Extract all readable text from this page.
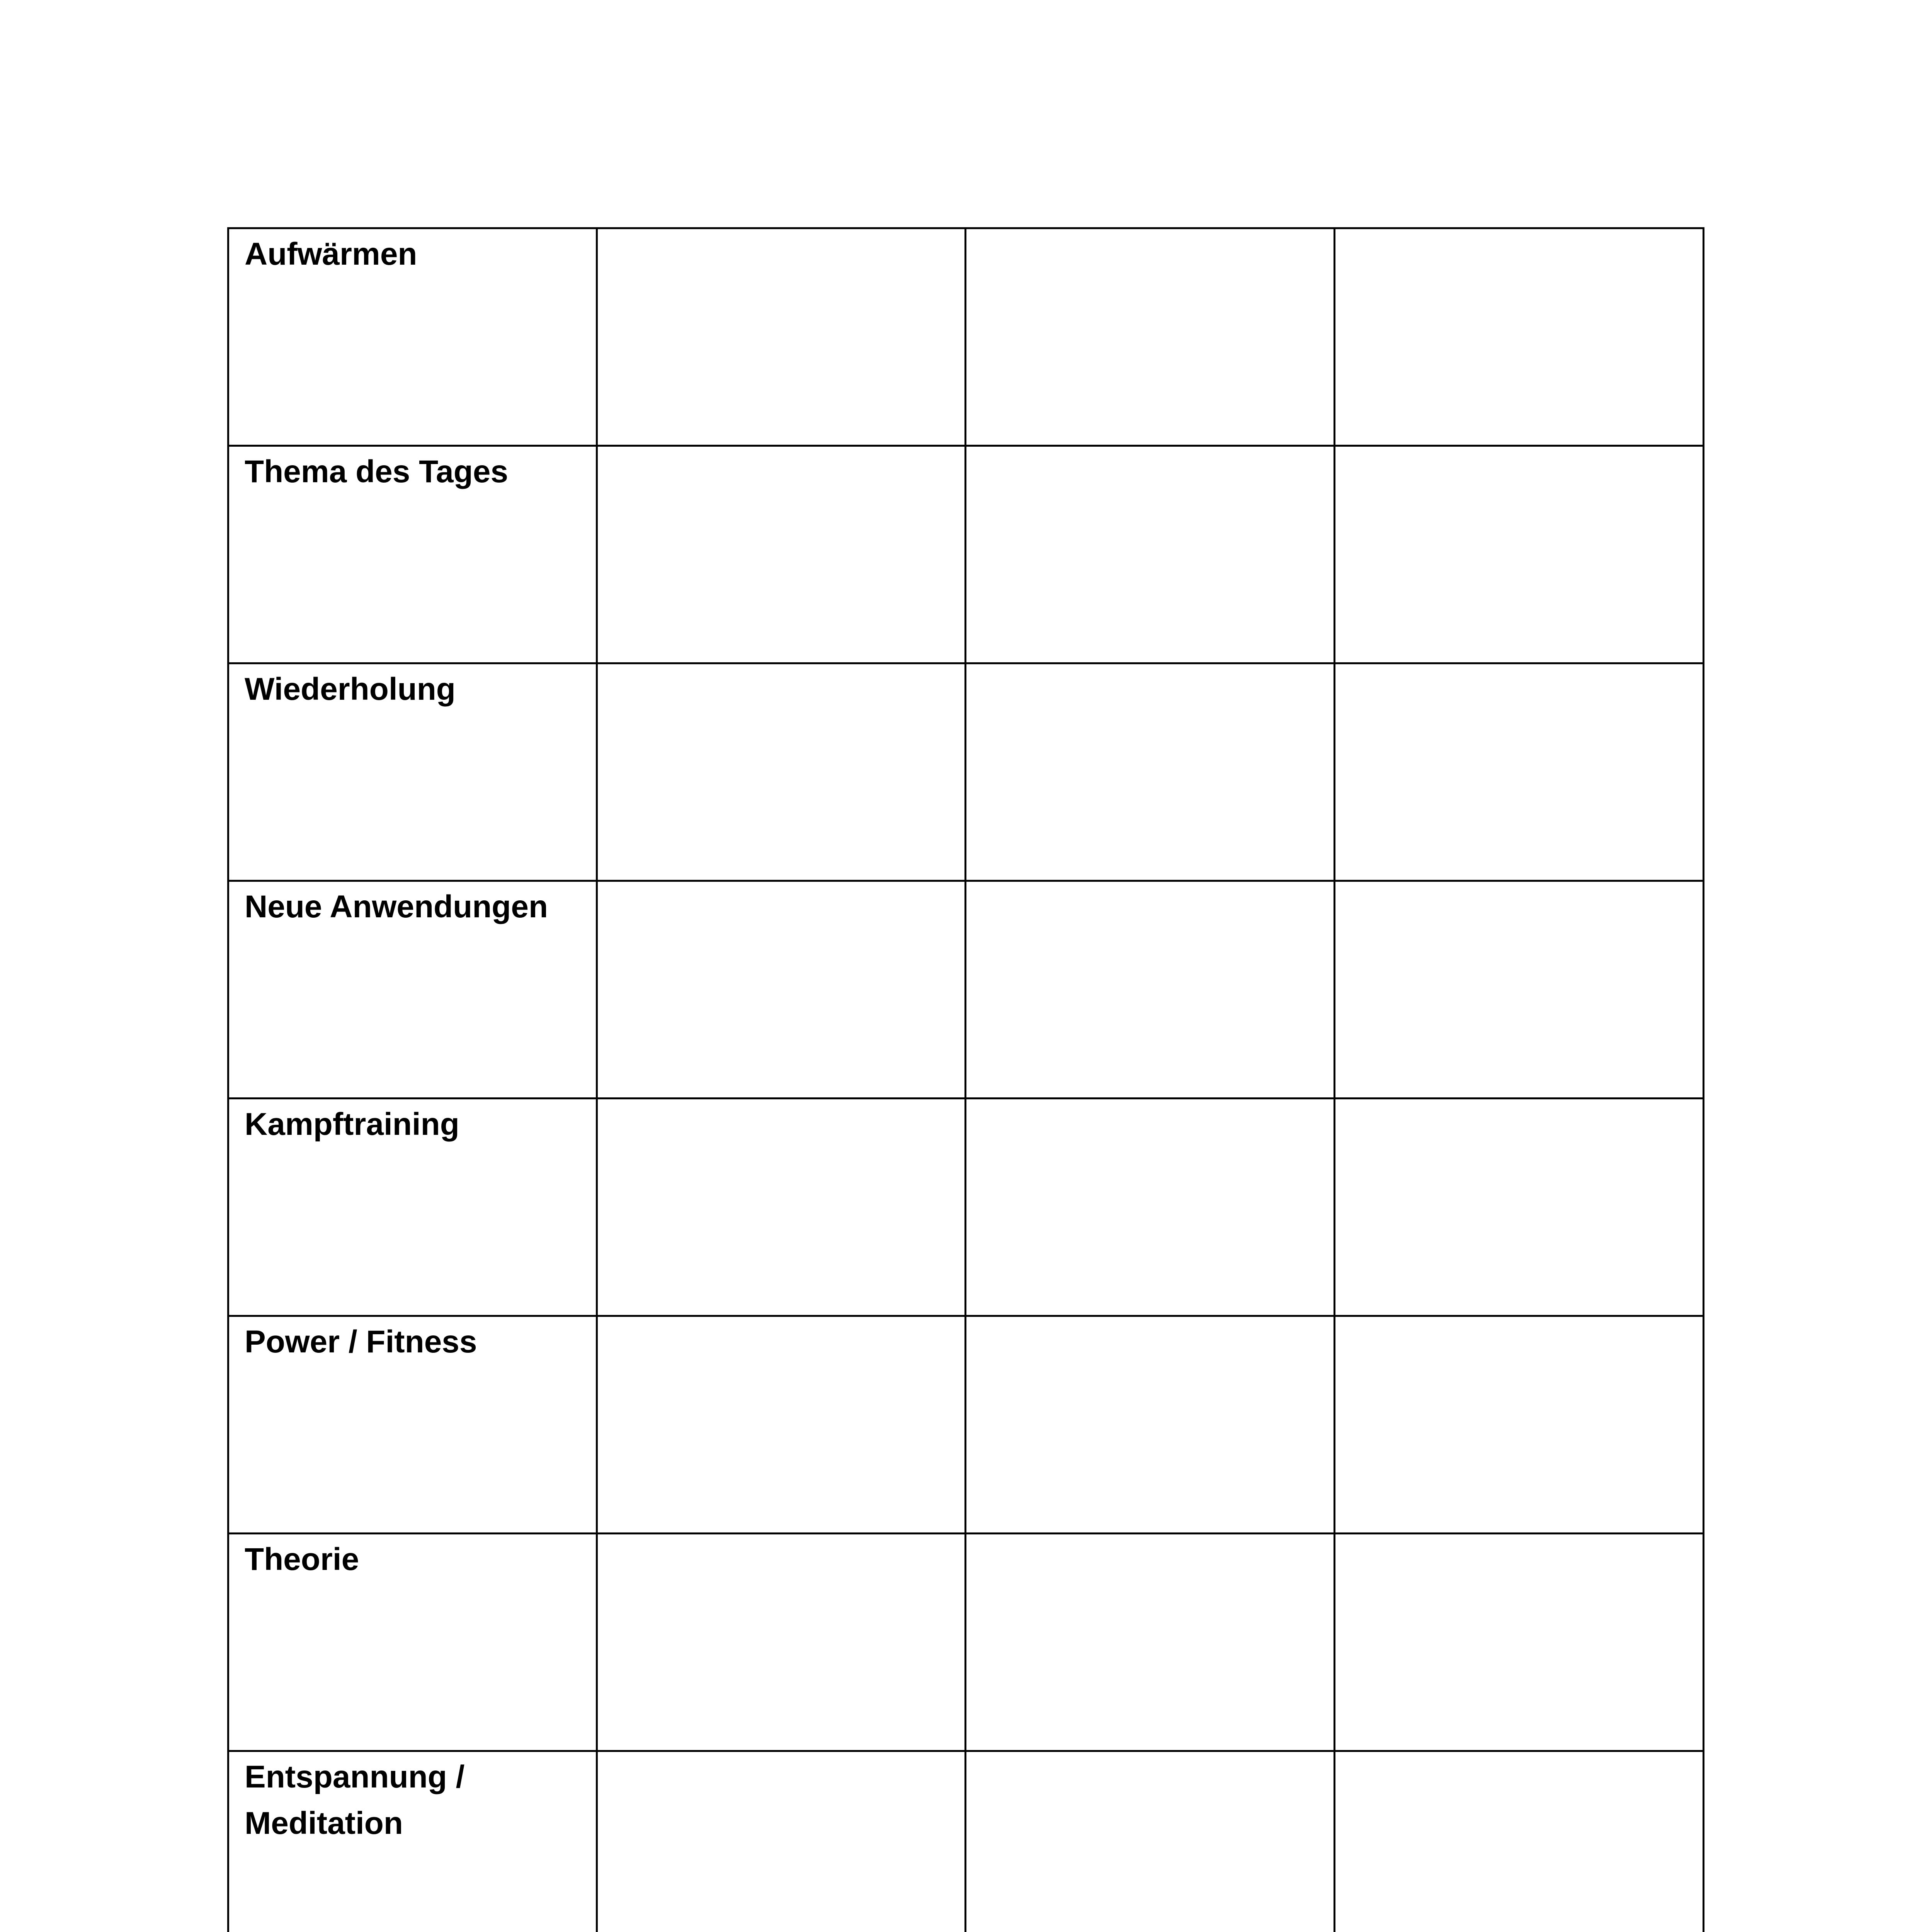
Aufwärmen			

Thema des Tages			

Wiederholung			

Neue Anwendungen			

Kampftraining			

Power / Fitness			

Theorie			

Entspannung /
Meditation			
